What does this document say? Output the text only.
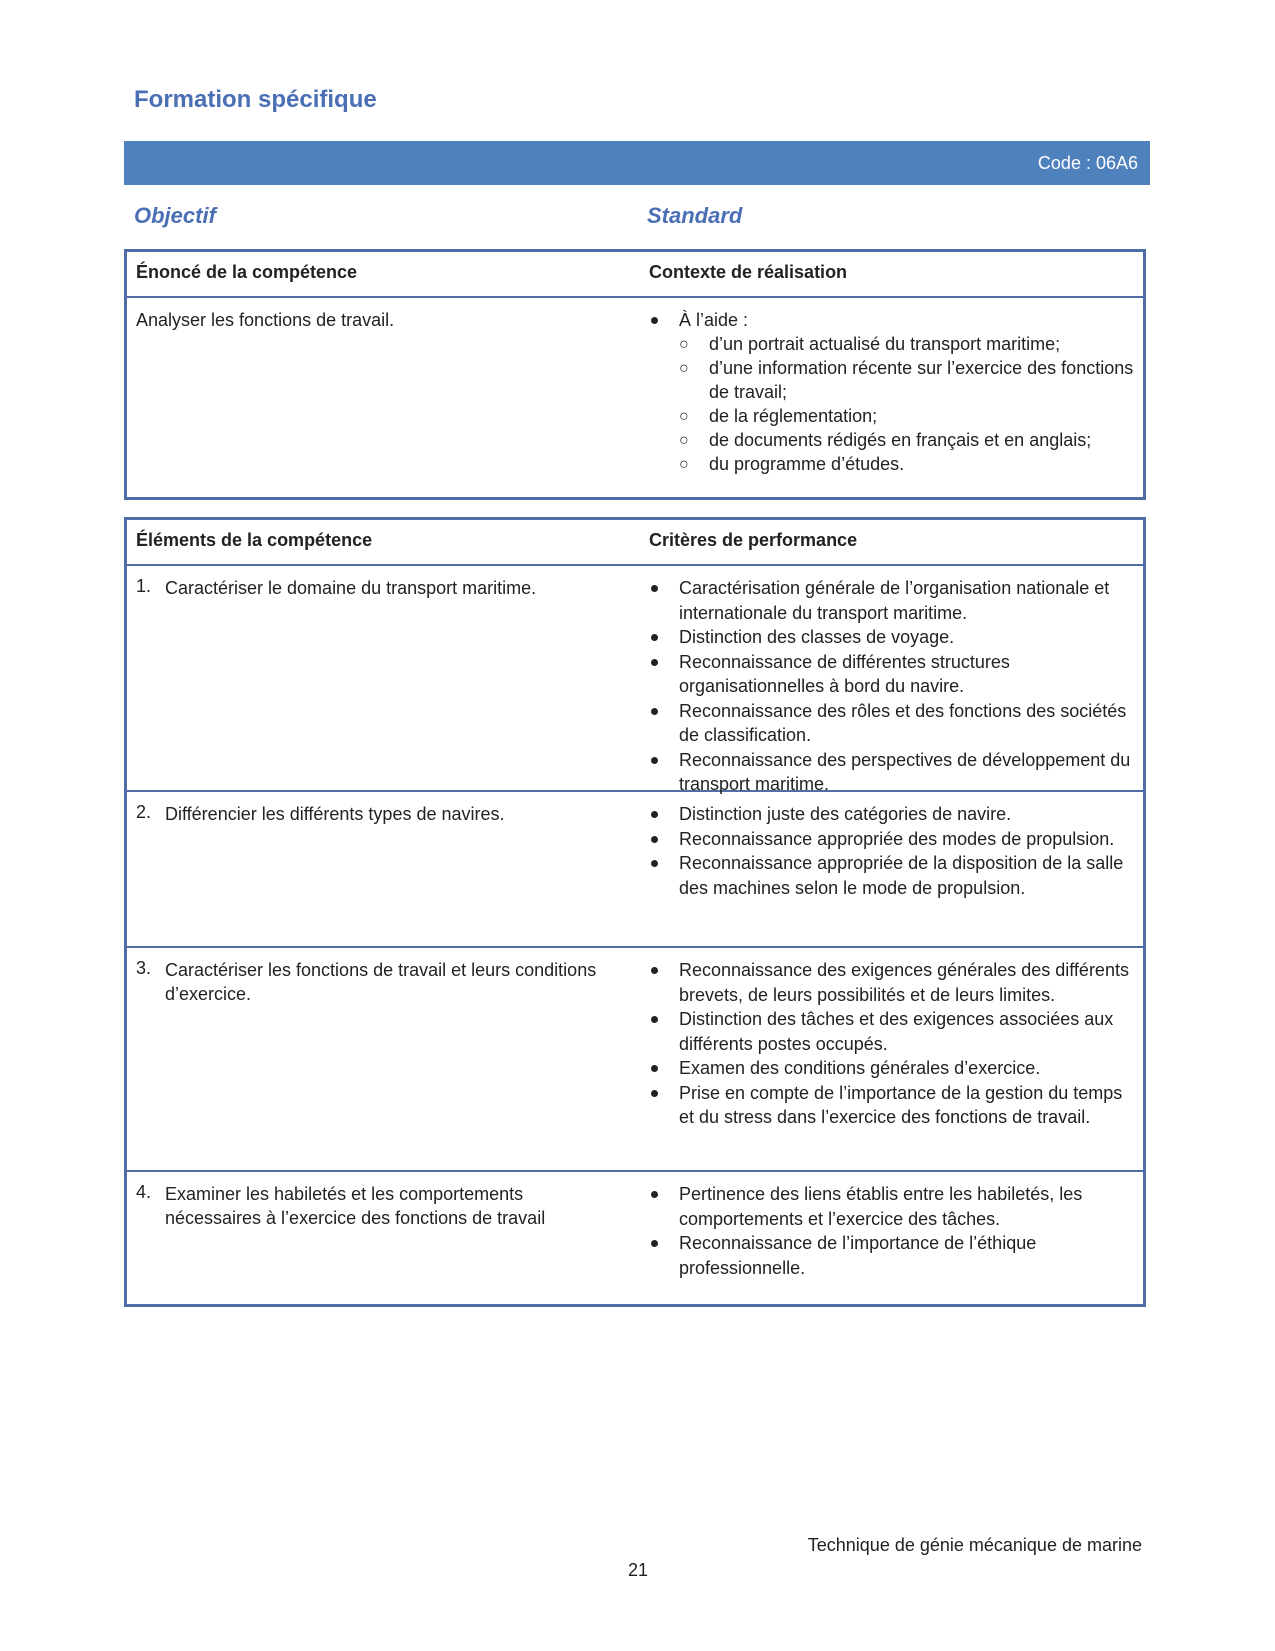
Formation spécifique
Code : 06A6
Objectif	Standard
Énoncé de la compétence	Contexte de réalisation
Analyser les fonctions de travail.	À l’aide :
○ d’un portrait actualisé du transport maritime;
○ d’une information récente sur l’exercice des fonctions de travail;
○ de la réglementation;
○ de documents rédigés en français et en anglais;
○ du programme d’études.
Éléments de la compétence	Critères de performance
1. Caractériser le domaine du transport maritime.	Caractérisation générale de l’organisation nationale et internationale du transport maritime.
Distinction des classes de voyage.
Reconnaissance de différentes structures organisationnelles à bord du navire.
Reconnaissance des rôles et des fonctions des sociétés de classification.
Reconnaissance des perspectives de développement du transport maritime.
2. Différencier les différents types de navires.	Distinction juste des catégories de navire.
Reconnaissance appropriée des modes de propulsion.
Reconnaissance appropriée de la disposition de la salle des machines selon le mode de propulsion.
3. Caractériser les fonctions de travail et leurs conditions d’exercice.
Reconnaissance des exigences générales des différents brevets, de leurs possibilités et de leurs limites.
Distinction des tâches et des exigences associées aux différents postes occupés.
Examen des conditions générales d’exercice.
Prise en compte de l’importance de la gestion du temps et du stress dans l’exercice des fonctions de travail.
4. Examiner les habiletés et les comportements nécessaires à l’exercice des fonctions de travail
Pertinence des liens établis entre les habiletés, les comportements et l’exercice des tâches.
Reconnaissance de l’importance de l’éthique professionnelle.
Technique de génie mécanique de marine
21
